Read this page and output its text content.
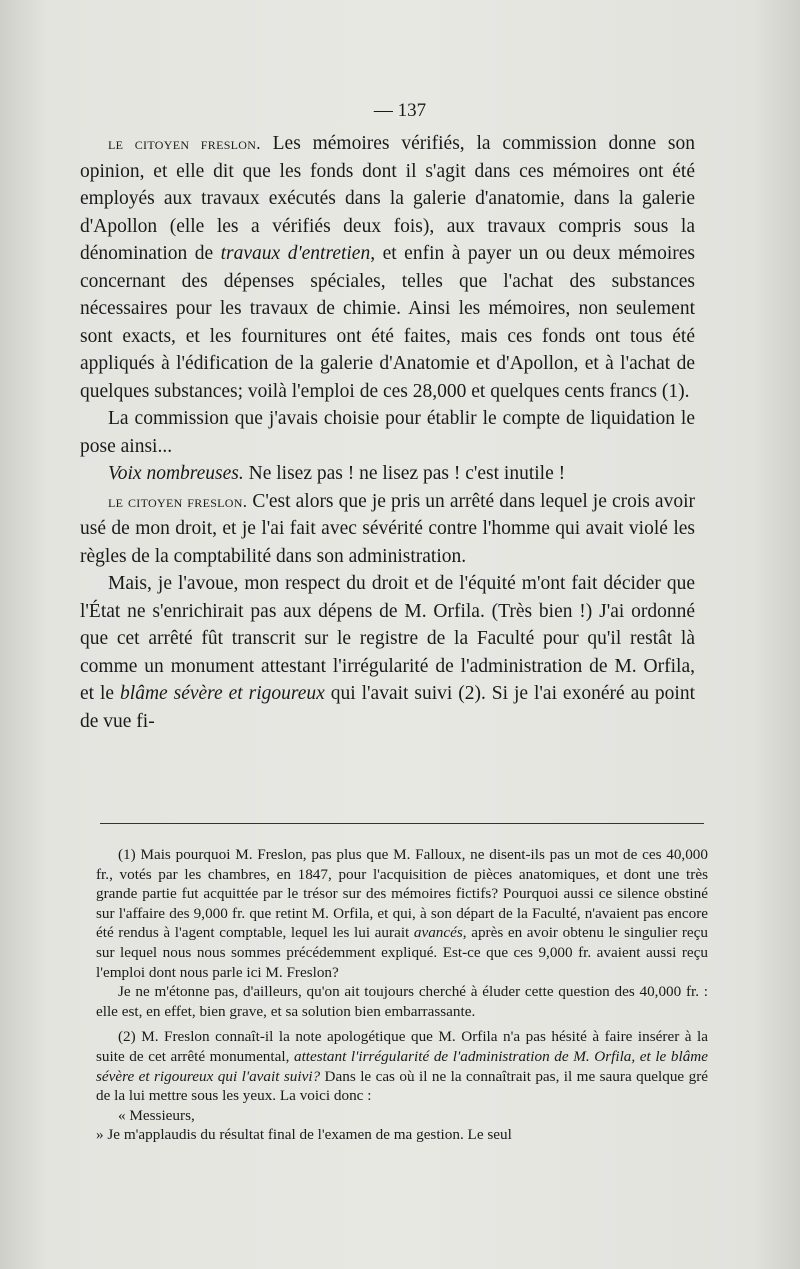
— 137

le citoyen freslon. Les mémoires vérifiés, la commission donne son opinion, et elle dit que les fonds dont il s'agit dans ces mémoires ont été employés aux travaux exécutés dans la galerie d'anatomie, dans la galerie d'Apollon (elle les a vérifiés deux fois), aux travaux compris sous la dénomination de travaux d'entretien, et enfin à payer un ou deux mémoires concernant des dépenses spéciales, telles que l'achat des substances nécessaires pour les travaux de chimie. Ainsi les mémoires, non seulement sont exacts, et les fournitures ont été faites, mais ces fonds ont tous été appliqués à l'édification de la galerie d'Anatomie et d'Apollon, et à l'achat de quelques substances; voilà l'emploi de ces 28,000 et quelques cents francs (1).

La commission que j'avais choisie pour établir le compte de liquidation le pose ainsi...

Voix nombreuses. Ne lisez pas ! ne lisez pas ! c'est inutile !

le citoyen freslon. C'est alors que je pris un arrêté dans lequel je crois avoir usé de mon droit, et je l'ai fait avec sévérité contre l'homme qui avait violé les règles de la comptabilité dans son administration.

Mais, je l'avoue, mon respect du droit et de l'équité m'ont fait décider que l'État ne s'enrichirait pas aux dépens de M. Orfila. (Très bien !) J'ai ordonné que cet arrêté fût transcrit sur le registre de la Faculté pour qu'il restât là comme un monument attestant l'irrégularité de l'administration de M. Orfila, et le blâme sévère et rigoureux qui l'avait suivi (2). Si je l'ai exonéré au point de vue fi-

(1) Mais pourquoi M. Freslon, pas plus que M. Falloux, ne disent-ils pas un mot de ces 40,000 fr., votés par les chambres, en 1847, pour l'acquisition de pièces anatomiques, et dont une très grande partie fut acquittée par le trésor sur des mémoires fictifs? Pourquoi aussi ce silence obstiné sur l'affaire des 9,000 fr. que retint M. Orfila, et qui, à son départ de la Faculté, n'avaient pas encore été rendus à l'agent comptable, lequel les lui aurait avancés, après en avoir obtenu le singulier reçu sur lequel nous nous sommes précédemment expliqué. Est-ce que ces 9,000 fr. avaient aussi reçu l'emploi dont nous parle ici M. Freslon?

Je ne m'étonne pas, d'ailleurs, qu'on ait toujours cherché à éluder cette question des 40,000 fr. : elle est, en effet, bien grave, et sa solution bien embarrassante.

(2) M. Freslon connaît-il la note apologétique que M. Orfila n'a pas hésité à faire insérer à la suite de cet arrêté monumental, attestant l'irrégularité de l'administration de M. Orfila, et le blâme sévère et rigoureux qui l'avait suivi? Dans le cas où il ne la connaîtrait pas, il me saura quelque gré de la lui mettre sous les yeux. La voici donc :

« Messieurs,

» Je m'applaudis du résultat final de l'examen de ma gestion. Le seul
